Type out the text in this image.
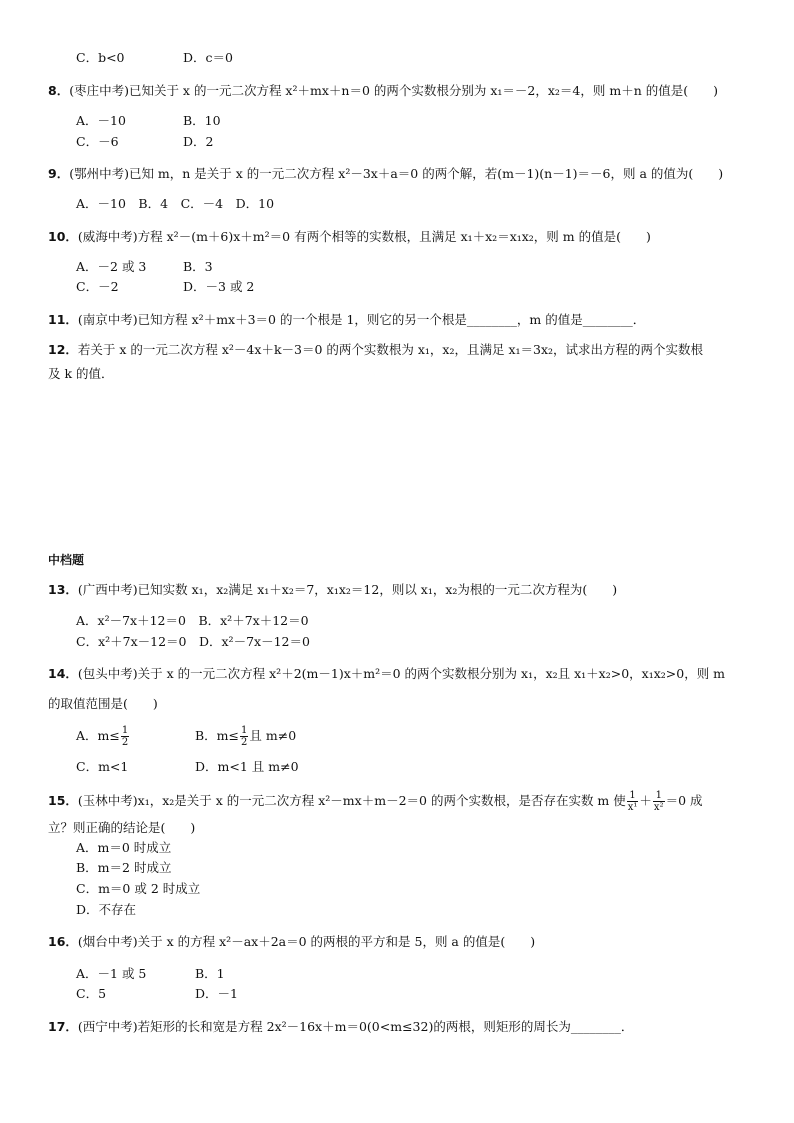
C．b<0	D．c＝0
8．(枣庄中考)已知关于 x 的一元二次方程 x²＋mx＋n＝0 的两个实数根分别为 x₁＝－2，x₂＝4，则 m＋n 的值是(　　)
A．－10	B．10
C．－6	D．2
9．(鄂州中考)已知 m，n 是关于 x 的一元二次方程 x²－3x＋a＝0 的两个解，若(m－1)(n－1)＝－6，则 a 的值为(　　)
A．－10　B．4　C．－4　D．10
10．(威海中考)方程 x²－(m＋6)x＋m²＝0 有两个相等的实数根，且满足 x₁＋x₂＝x₁x₂，则 m 的值是(　　)
A．－2 或 3	B．3
C．－2	D．－3 或 2
11．(南京中考)已知方程 x²＋mx＋3＝0 的一个根是 1，则它的另一个根是________，m 的值是________．
12．若关于 x 的一元二次方程 x²－4x＋k－3＝0 的两个实数根为 x₁，x₂，且满足 x₁＝3x₂，试求出方程的两个实数根
及 k 的值．
中档题
13．(广西中考)已知实数 x₁，x₂满足 x₁＋x₂＝7，x₁x₂＝12，则以 x₁，x₂为根的一元二次方程为(　　)
A．x²－7x＋12＝0　B．x²＋7x＋12＝0
C．x²＋7x－12＝0　D．x²－7x－12＝0
14．(包头中考)关于 x 的一元二次方程 x²＋2(m－1)x＋m²＝0 的两个实数根分别为 x₁，x₂且 x₁＋x₂>0，x₁x₂>0，则 m
的取值范围是(　　)
A．$m\le \frac{1}{2}$	B．$m\le \frac{1}{2}$ 且 m≠0
C．m<1	D．m<1 且 m≠0
15．(玉林中考)x₁，x₂是关于 x 的一元二次方程 x²－mx＋m－2＝0 的两个实数根，是否存在实数 m 使 $\frac{1}{\text{x¹}} + \frac{1}{\text{x²}} =0$ 成
立？则正确的结论是(　　)
A．m＝0 时成立
B．m＝2 时成立
C．m＝0 或 2 时成立
D．不存在
16．(烟台中考)关于 x 的方程 x²－ax＋2a＝0 的两根的平方和是 5，则 a 的值是(　　)
A．－1 或 5	B．1
C．5	D．－1
17．(西宁中考)若矩形的长和宽是方程 2x²－16x＋m＝0(0<m≤32)的两根，则矩形的周长为________．
